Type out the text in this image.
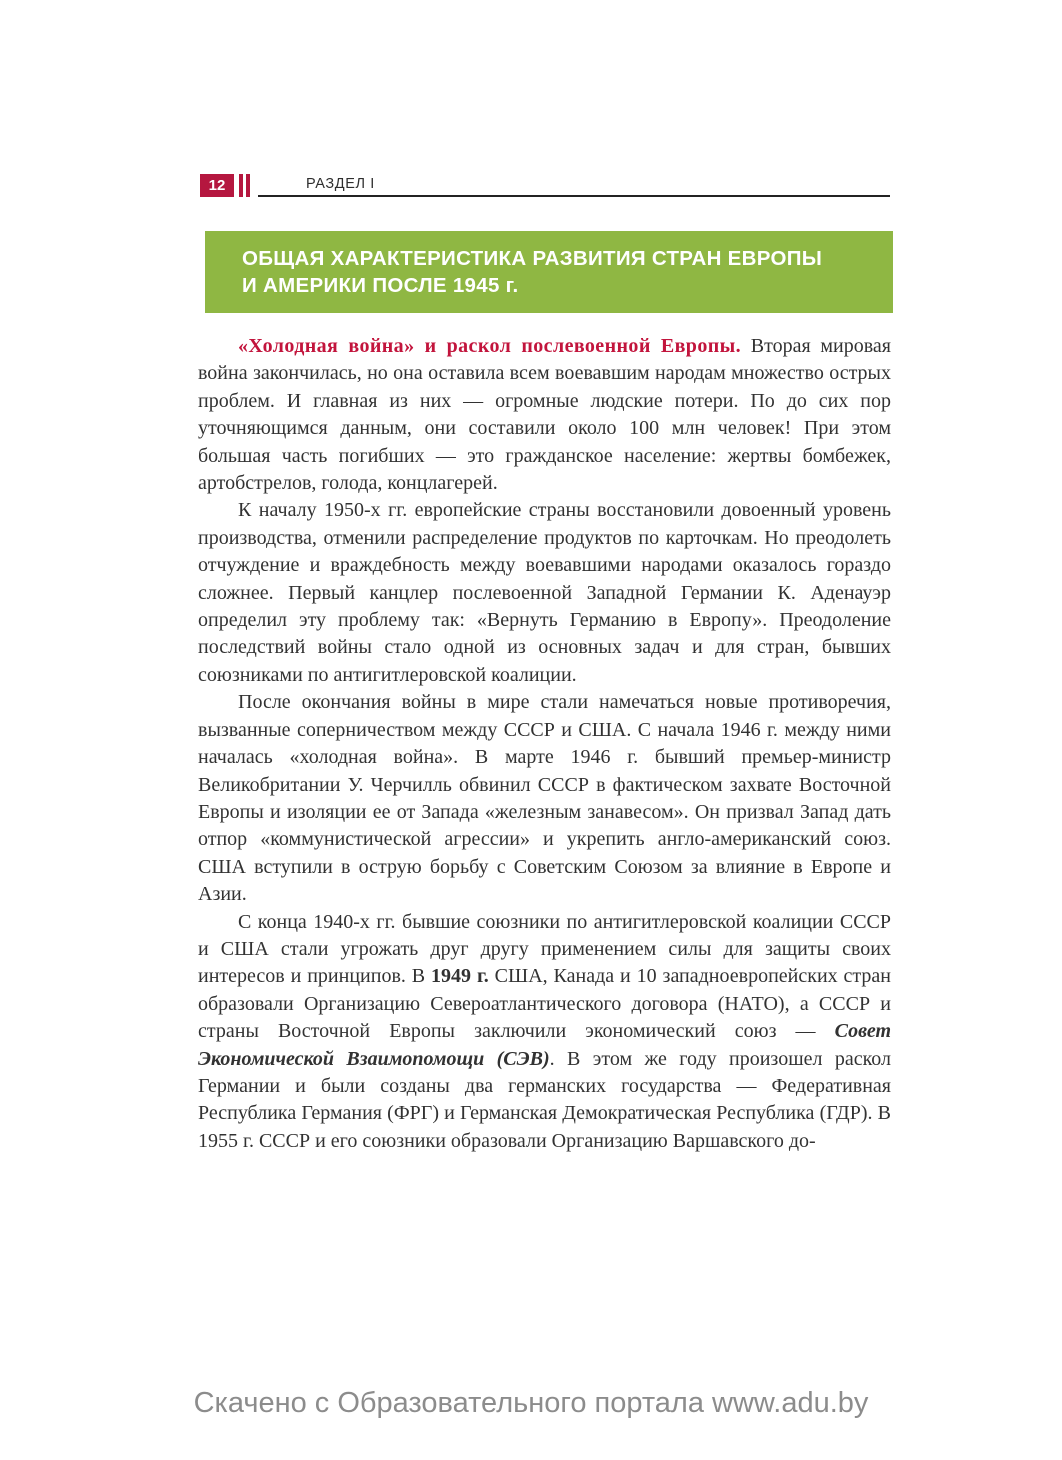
12	РАЗДЕЛ I
ОБЩАЯ ХАРАКТЕРИСТИКА РАЗВИТИЯ СТРАН ЕВРОПЫ
И АМЕРИКИ ПОСЛЕ 1945 г.

«Холодная война» и раскол послевоенной Европы. Вторая мировая война закончилась, но она оставила всем воевавшим народам множество острых проблем. И главная из них — огромные людские потери. По до сих пор уточняющимся данным, они составили около 100 млн человек! При этом большая часть погибших — это гражданское население: жертвы бомбежек, артобстрелов, голода, концлагерей.

К началу 1950-х гг. европейские страны восстановили довоенный уровень производства, отменили распределение продуктов по карточкам. Но преодолеть отчуждение и враждебность между воевавшими народами оказалось гораздо сложнее. Первый канцлер послевоенной Западной Германии К. Аденауэр определил эту проблему так: «Вернуть Германию в Европу». Преодоление последствий войны стало одной из основных задач и для стран, бывших союзниками по антигитлеровской коалиции.

После окончания войны в мире стали намечаться новые противоречия, вызванные соперничеством между СССР и США. С начала 1946 г. между ними началась «холодная война». В марте 1946 г. бывший премьер-министр Великобритании У. Черчилль обвинил СССР в фактическом захвате Восточной Европы и изоляции ее от Запада «железным занавесом». Он призвал Запад дать отпор «коммунистической агрессии» и укрепить англо-американский союз. США вступили в острую борьбу с Советским Союзом за влияние в Европе и Азии.

С конца 1940-х гг. бывшие союзники по антигитлеровской коалиции СССР и США стали угрожать друг другу применением силы для защиты своих интересов и принципов. В 1949 г. США, Канада и 10 западноевропейских стран образовали Организацию Североатлантического договора (НАТО), а СССР и страны Восточной Европы заключили экономический союз — Совет Экономической Взаимопомощи (СЭВ). В этом же году произошел раскол Германии и были созданы два германских государства — Федеративная Республика Германия (ФРГ) и Германская Демократическая Республика (ГДР). В 1955 г. СССР и его союзники образовали Организацию Варшавского до-

Скачено с Образовательного портала www.adu.by
